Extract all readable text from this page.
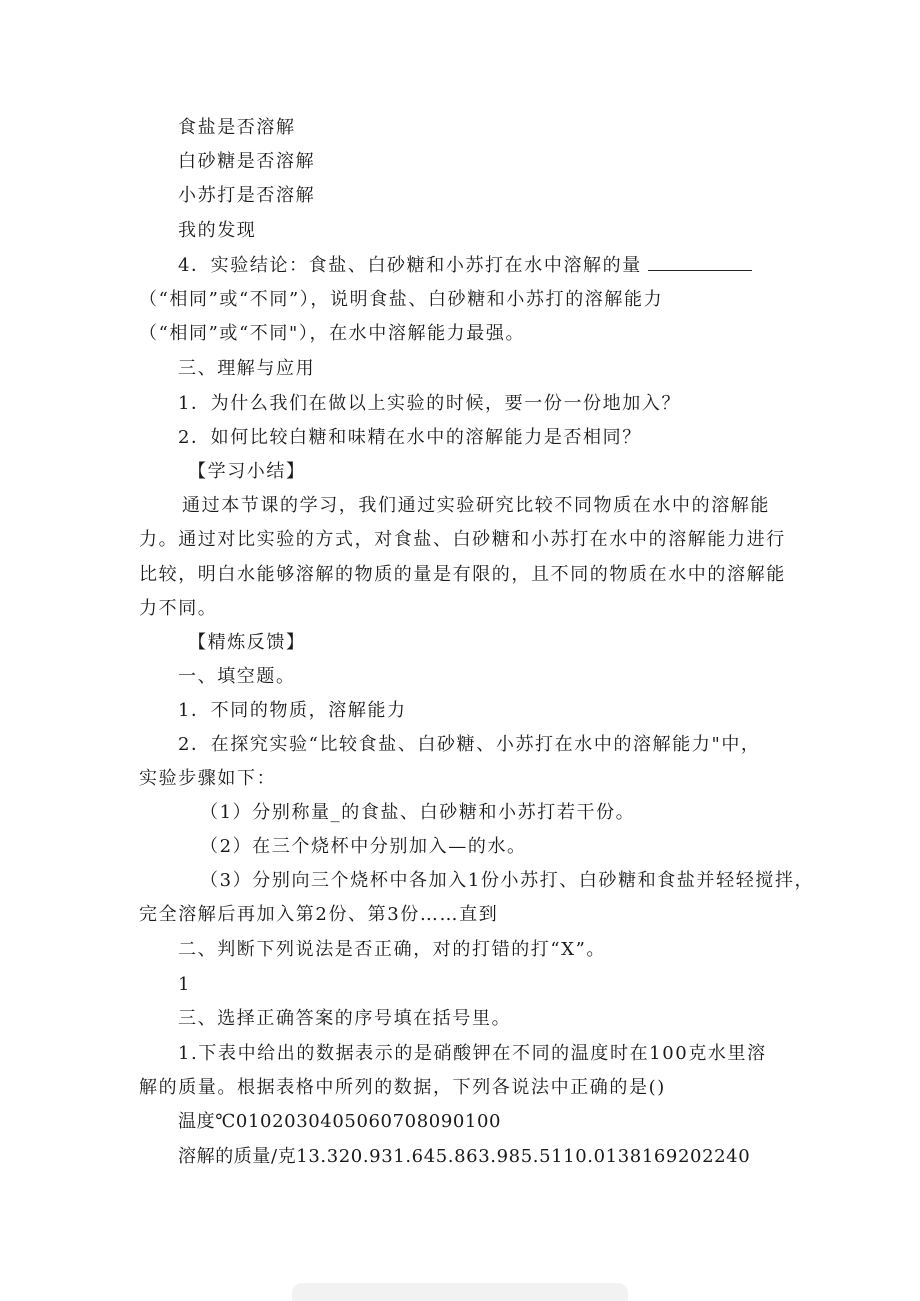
食盐是否溶解
白砂糖是否溶解
小苏打是否溶解
我的发现
4．实验结论：食盐、白砂糖和小苏打在水中溶解的量
（“相同”或“不同”），说明食盐、白砂糖和小苏打的溶解能力
（“相同”或“不同"），在水中溶解能力最强。
三、理解与应用
1．为什么我们在做以上实验的时候，要一份一份地加入？
2．如何比较白糖和味精在水中的溶解能力是否相同？
【学习小结】
通过本节课的学习，我们通过实验研究比较不同物质在水中的溶解能
力。通过对比实验的方式，对食盐、白砂糖和小苏打在水中的溶解能力进行
比较，明白水能够溶解的物质的量是有限的，且不同的物质在水中的溶解能
力不同。
【精炼反馈】
一、填空题。
1．不同的物质，溶解能力
2．在探究实验“比较食盐、白砂糖、小苏打在水中的溶解能力"中，
实验步骤如下：
（1）分别称量_的食盐、白砂糖和小苏打若干份。
（2）在三个烧杯中分别加入—的水。
（3）分别向三个烧杯中各加入1份小苏打、白砂糖和食盐并轻轻搅拌，
完全溶解后再加入第2份、第3份……直到
二、判断下列说法是否正确，对的打错的打“X”。
1
三、选择正确答案的序号填在括号里。
1.下表中给出的数据表示的是硝酸钾在不同的温度时在100克水里溶
解的质量。根据表格中所列的数据，下列各说法中正确的是()
温度℃0102030405060708090100
溶解的质量/克13.320.931.645.863.985.5110.0138169202240
